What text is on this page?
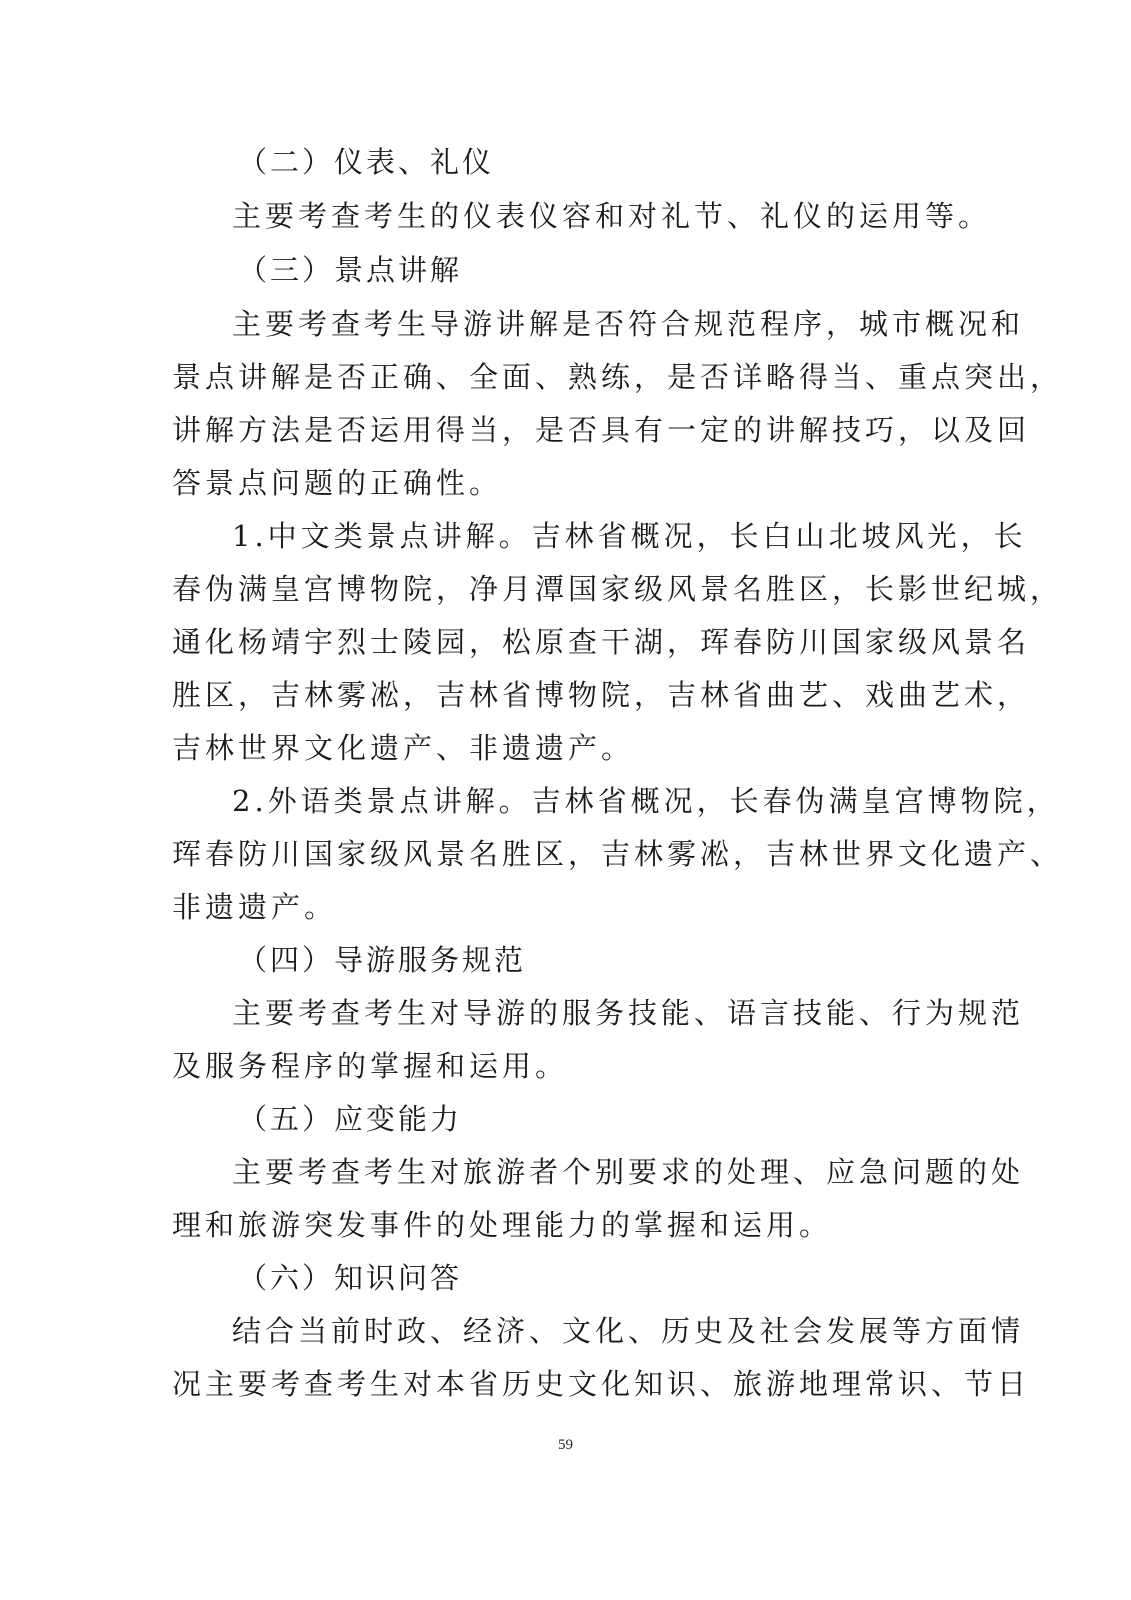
（二）仪表、礼仪
主要考查考生的仪表仪容和对礼节、礼仪的运用等。
（三）景点讲解
主要考查考生导游讲解是否符合规范程序，城市概况和
景点讲解是否正确、全面、熟练，是否详略得当、重点突出，
讲解方法是否运用得当，是否具有一定的讲解技巧，以及回
答景点问题的正确性。
1.中文类景点讲解。吉林省概况，长白山北坡风光，长
春伪满皇宫博物院，净月潭国家级风景名胜区，长影世纪城，
通化杨靖宇烈士陵园，松原查干湖，珲春防川国家级风景名
胜区，吉林雾凇，吉林省博物院，吉林省曲艺、戏曲艺术，
吉林世界文化遗产、非遗遗产。
2.外语类景点讲解。吉林省概况，长春伪满皇宫博物院，
珲春防川国家级风景名胜区，吉林雾凇，吉林世界文化遗产、
非遗遗产。
（四）导游服务规范
主要考查考生对导游的服务技能、语言技能、行为规范
及服务程序的掌握和运用。
（五）应变能力
主要考查考生对旅游者个别要求的处理、应急问题的处
理和旅游突发事件的处理能力的掌握和运用。
（六）知识问答
结合当前时政、经济、文化、历史及社会发展等方面情
况主要考查考生对本省历史文化知识、旅游地理常识、节日
59
